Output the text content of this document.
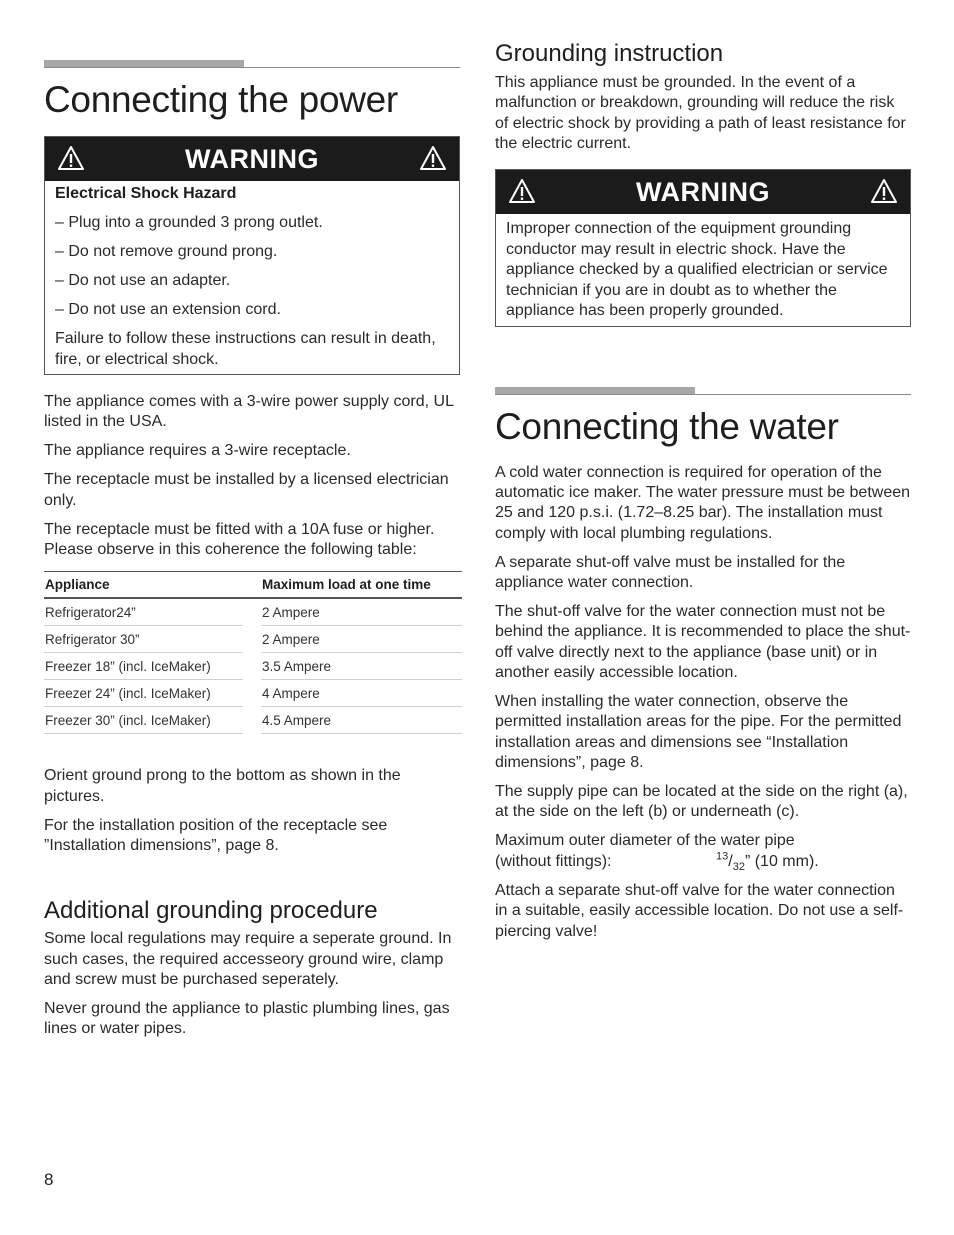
Connecting the power
WARNING

Electrical Shock Hazard

– Plug into a grounded 3 prong outlet.

– Do not remove ground prong.

– Do not use an adapter.

– Do not use an extension cord.

Failure to follow these instructions can result in death, fire, or electrical shock.

The appliance comes with a 3-wire power supply cord, UL listed in the USA.

The appliance requires a 3-wire receptacle.

The receptacle must be installed by a licensed electrician only.

The receptacle must be fitted with a 10A fuse or higher. Please observe in this coherence the following table:

Appliance		Maximum load at one time
Refrigerator24”		2 Ampere
Refrigerator 30”		2 Ampere
Freezer 18” (incl. IceMaker)		3.5 Ampere
Freezer 24” (incl. IceMaker)		4 Ampere
Freezer 30” (incl. IceMaker)		4.5 Ampere

Orient ground prong to the bottom as shown in the pictures.

For the installation position of the receptacle see ”Installation dimensions”, page 8.

Additional grounding procedure

Some local regulations may require a seperate ground. In such cases, the required accesseory ground wire, clamp and screw must be purchased seperately.

Never ground the appliance to plastic plumbing lines, gas lines or water pipes.

Grounding instruction

This appliance must be grounded. In the event of a malfunction or breakdown, grounding will reduce the risk of electric shock by providing a path of least resistance for the electric current.

WARNING

Improper connection of the equipment grounding conductor may result in electric shock. Have the appliance checked by a qualified electrician or service technician if you are in doubt as to whether the appliance has been properly grounded.

Connecting the water

A cold water connection is required for operation of the automatic ice maker. The water pressure must be between 25 and 120 p.s.i. (1.72–8.25 bar). The installation must comply with local plumbing regulations.

A separate shut-off valve must be installed for the appliance water connection.

The shut-off valve for the water connection must not be behind the appliance. It is recommended to place the shut-off valve directly next to the appliance (base unit) or in another easily accessible location.

When installing the water connection, observe the permitted installation areas for the pipe. For the permitted installation areas and dimensions see “Installation dimensions”, page 8.

The supply pipe can be located at the side on the right (a), at the side on the left (b) or underneath (c).

Maximum outer diameter of the water pipe
(without fittings):	$^{13}/_{32}$” (10 mm).

Attach a separate shut-off valve for the water connection in a suitable, easily accessible location. Do not use a self-piercing valve!

8
